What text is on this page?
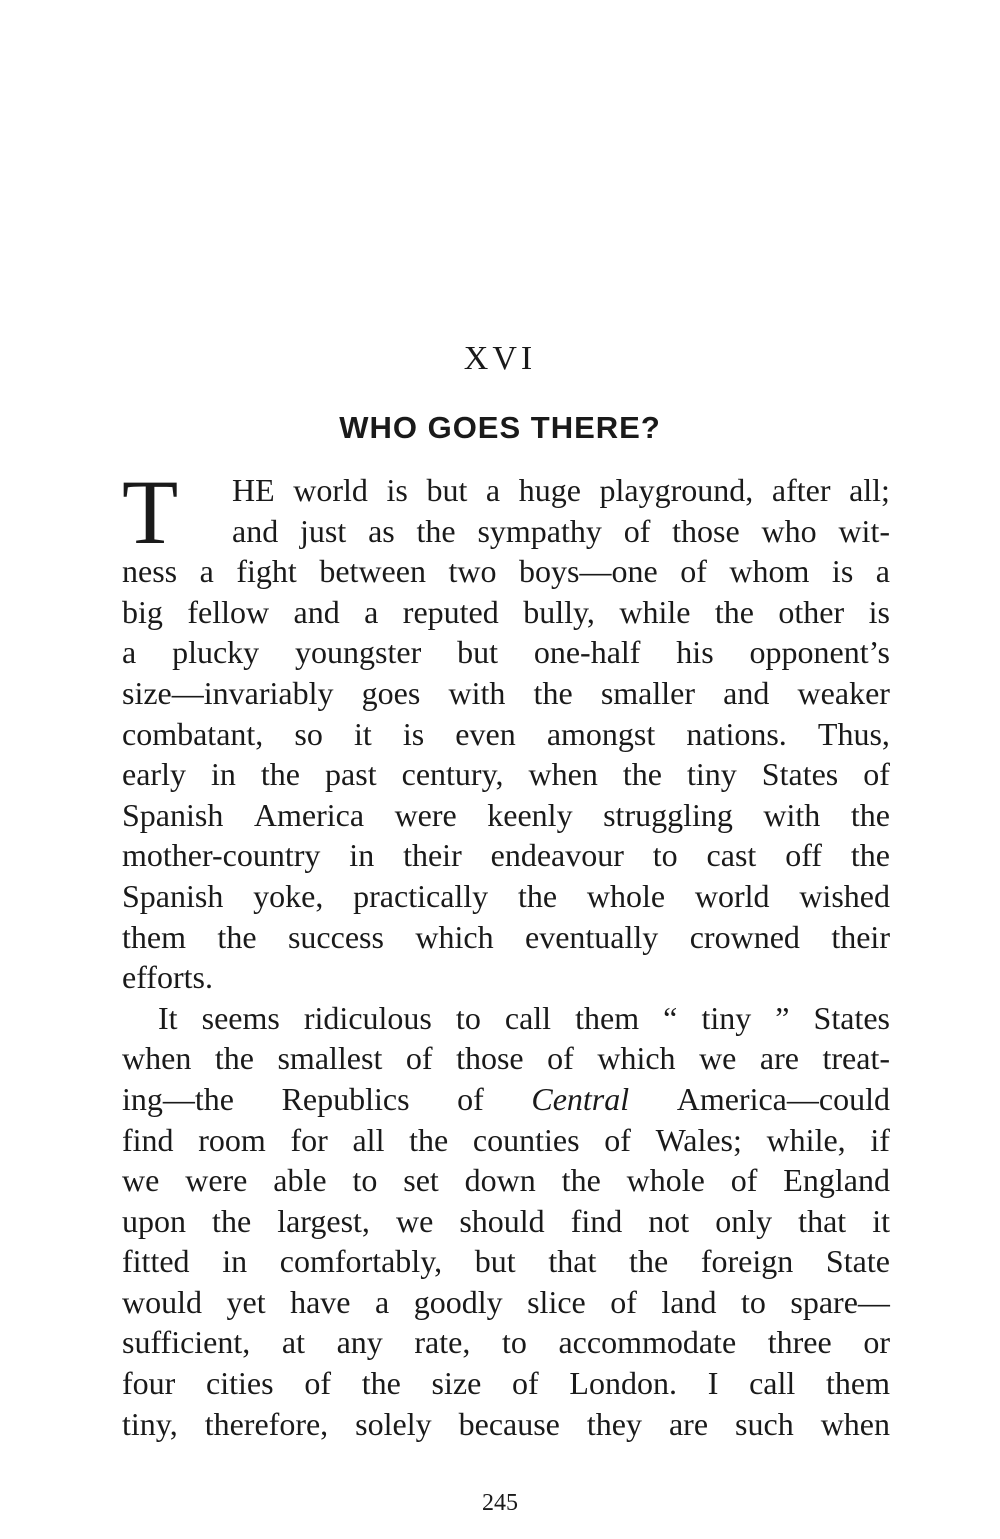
XVI
WHO GOES THERE?
T HE world is but a huge playground, after all;
and just as the sympathy of those who wit-
ness a fight between two boys—one of whom is a
big fellow and a reputed bully, while the other is
a plucky youngster but one-half his opponent’s
size—invariably goes with the smaller and weaker
combatant, so it is even amongst nations. Thus,
early in the past century, when the tiny States of
Spanish America were keenly struggling with the
mother-country in their endeavour to cast off the
Spanish yoke, practically the whole world wished
them the success which eventually crowned their
efforts.
It seems ridiculous to call them “ tiny ” States
when the smallest of those of which we are treat-
ing—the Republics of Central America—could
find room for all the counties of Wales; while, if
we were able to set down the whole of England
upon the largest, we should find not only that it
fitted in comfortably, but that the foreign State
would yet have a goodly slice of land to spare—
sufficient, at any rate, to accommodate three or
four cities of the size of London. I call them
tiny, therefore, solely because they are such when
245
